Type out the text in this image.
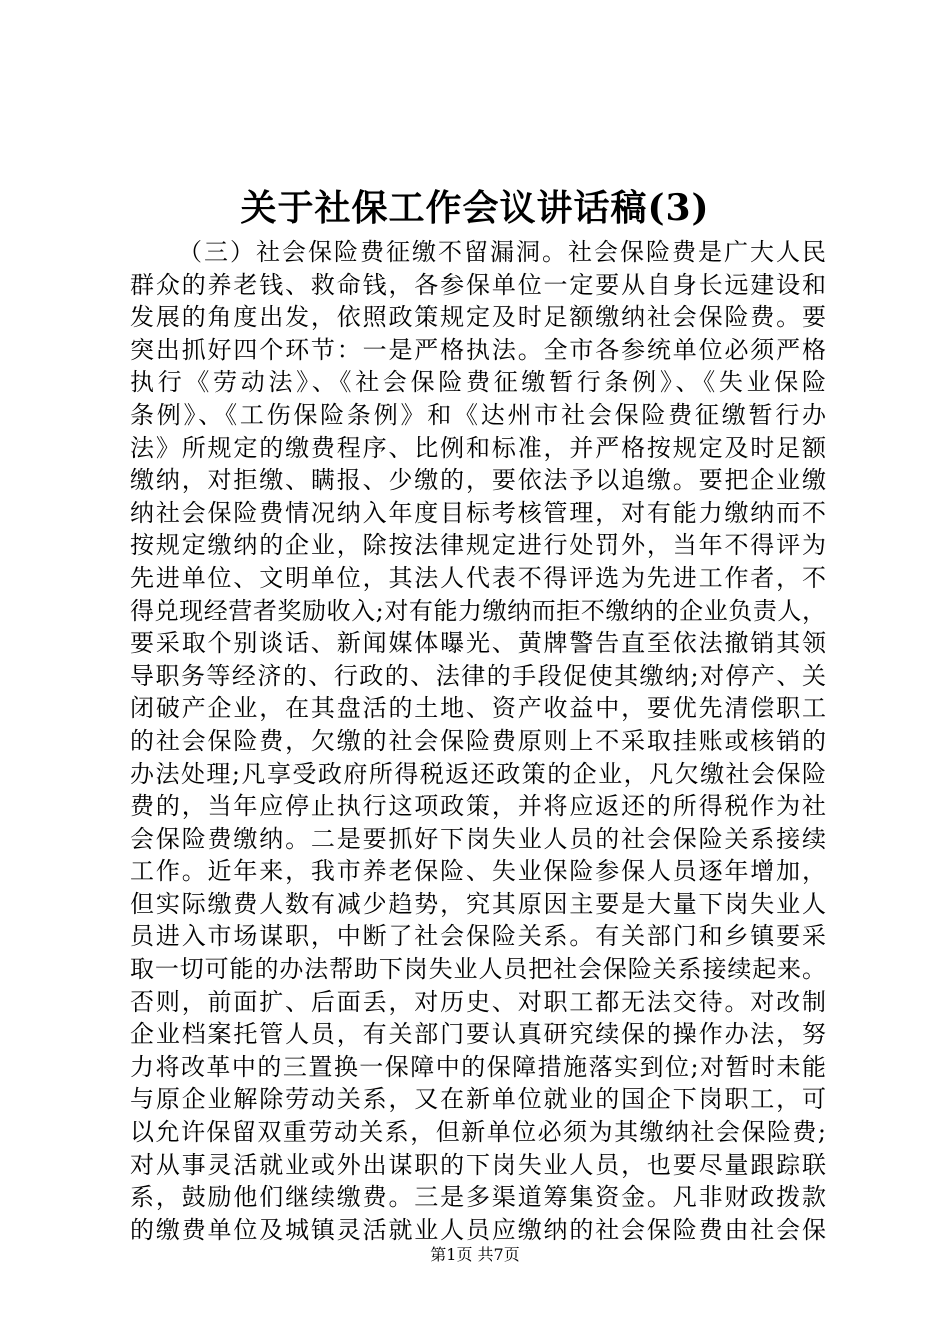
关于社保工作会议讲话稿(3)
（三）社会保险费征缴不留漏洞。社会保险费是广大人民
群众的养老钱、救命钱，各参保单位一定要从自身长远建设和
发展的角度出发，依照政策规定及时足额缴纳社会保险费。要
突出抓好四个环节：一是严格执法。全市各参统单位必须严格
执行《劳动法》、《社会保险费征缴暂行条例》、《失业保险
条例》、《工伤保险条例》和《达州市社会保险费征缴暂行办
法》所规定的缴费程序、比例和标准，并严格按规定及时足额
缴纳，对拒缴、瞒报、少缴的，要依法予以追缴。要把企业缴
纳社会保险费情况纳入年度目标考核管理，对有能力缴纳而不
按规定缴纳的企业，除按法律规定进行处罚外，当年不得评为
先进单位、文明单位，其法人代表不得评选为先进工作者，不
得兑现经营者奖励收入;对有能力缴纳而拒不缴纳的企业负责人，
要采取个别谈话、新闻媒体曝光、黄牌警告直至依法撤销其领
导职务等经济的、行政的、法律的手段促使其缴纳;对停产、关
闭破产企业，在其盘活的土地、资产收益中，要优先清偿职工
的社会保险费，欠缴的社会保险费原则上不采取挂账或核销的
办法处理;凡享受政府所得税返还政策的企业，凡欠缴社会保险
费的，当年应停止执行这项政策，并将应返还的所得税作为社
会保险费缴纳。二是要抓好下岗失业人员的社会保险关系接续
工作。近年来，我市养老保险、失业保险参保人员逐年增加，
但实际缴费人数有减少趋势，究其原因主要是大量下岗失业人
员进入市场谋职，中断了社会保险关系。有关部门和乡镇要采
取一切可能的办法帮助下岗失业人员把社会保险关系接续起来。
否则，前面扩、后面丢，对历史、对职工都无法交待。对改制
企业档案托管人员，有关部门要认真研究续保的操作办法，努
力将改革中的三置换一保障中的保障措施落实到位;对暂时未能
与原企业解除劳动关系，又在新单位就业的国企下岗职工，可
以允许保留双重劳动关系，但新单位必须为其缴纳社会保险费;
对从事灵活就业或外出谋职的下岗失业人员，也要尽量跟踪联
系，鼓励他们继续缴费。三是多渠道筹集资金。凡非财政拨款
的缴费单位及城镇灵活就业人员应缴纳的社会保险费由社会保
第1页 共7页
